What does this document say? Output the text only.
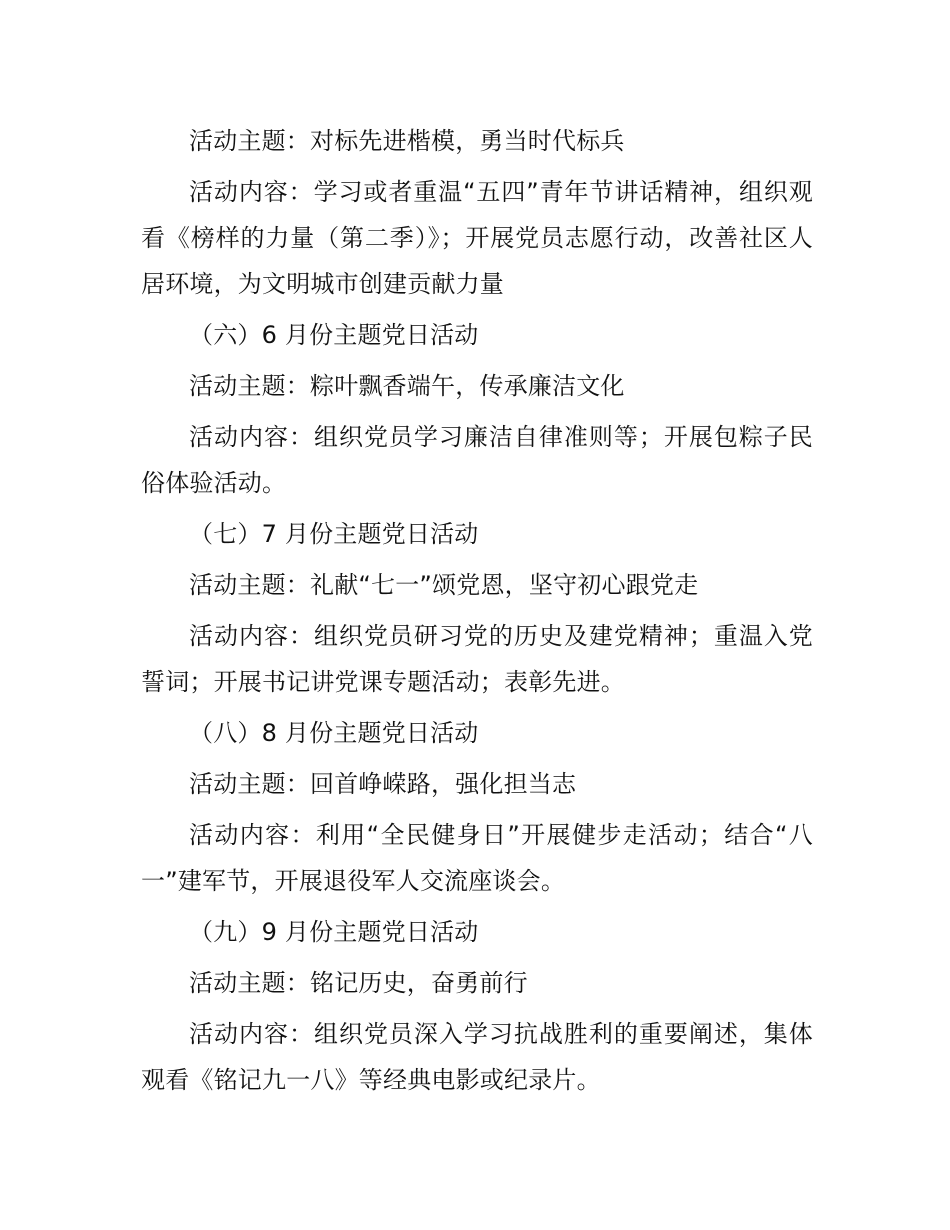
活动主题：对标先进楷模，勇当时代标兵

活动内容：学习或者重温“五四”青年节讲话精神，组织观看《榜样的力量（第二季）》；开展党员志愿行动，改善社区人居环境，为文明城市创建贡献力量

（六）6 月份主题党日活动

活动主题：粽叶飘香端午，传承廉洁文化

活动内容：组织党员学习廉洁自律准则等；开展包粽子民俗体验活动。

（七）7 月份主题党日活动

活动主题：礼献“七一”颂党恩，坚守初心跟党走

活动内容：组织党员研习党的历史及建党精神；重温入党誓词；开展书记讲党课专题活动；表彰先进。

（八）8 月份主题党日活动

活动主题：回首峥嵘路，强化担当志

活动内容：利用“全民健身日”开展健步走活动；结合“八一”建军节，开展退役军人交流座谈会。

（九）9 月份主题党日活动

活动主题：铭记历史，奋勇前行

活动内容：组织党员深入学习抗战胜利的重要阐述，集体观看《铭记九一八》等经典电影或纪录片。
